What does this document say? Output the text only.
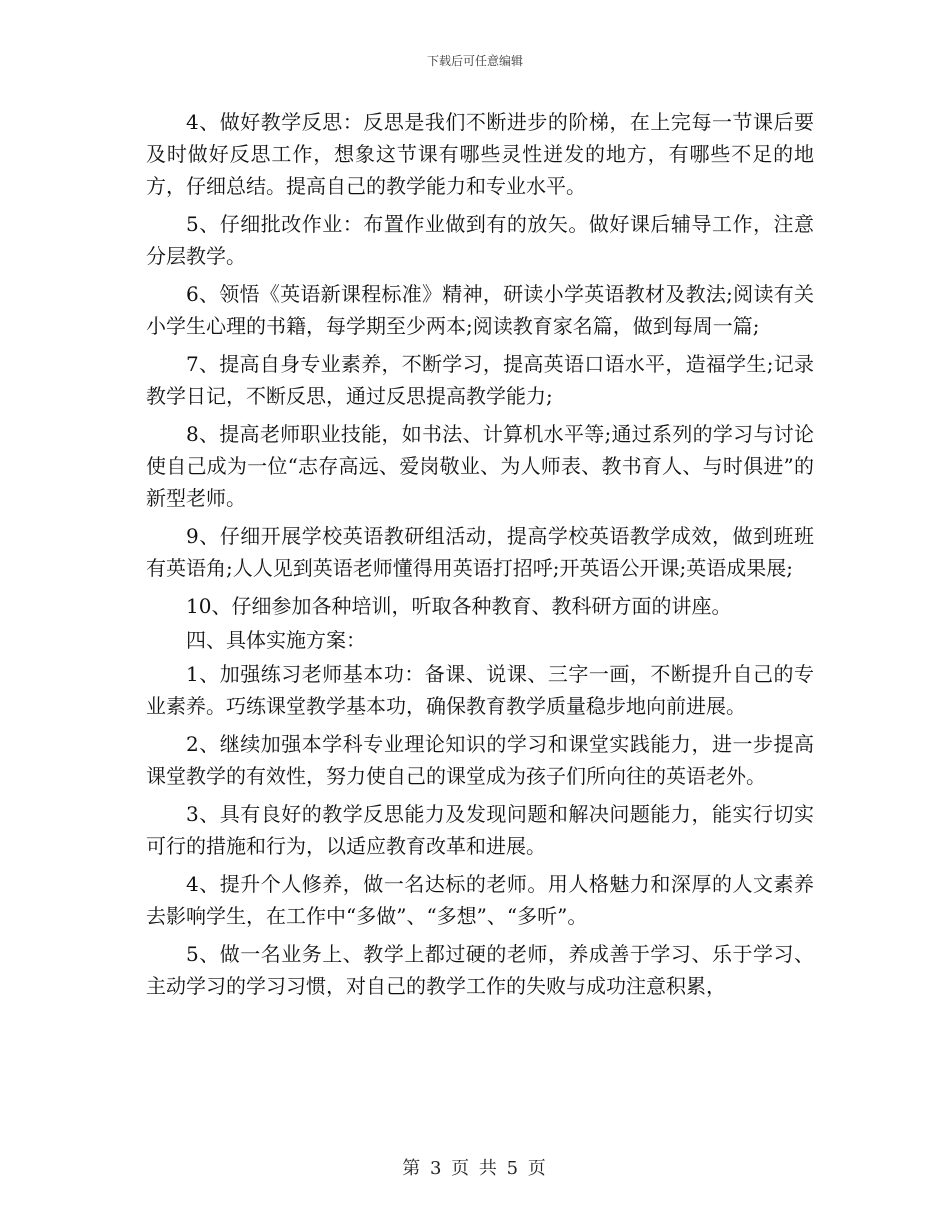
下载后可任意编辑

4、做好教学反思：反思是我们不断进步的阶梯，在上完每一节课后要及时做好反思工作，想象这节课有哪些灵性迸发的地方，有哪些不足的地方，仔细总结。提高自己的教学能力和专业水平。

5、仔细批改作业：布置作业做到有的放矢。做好课后辅导工作，注意分层教学。

6、领悟《英语新课程标准》精神，研读小学英语教材及教法;阅读有关小学生心理的书籍，每学期至少两本;阅读教育家名篇，做到每周一篇;

7、提高自身专业素养，不断学习，提高英语口语水平，造福学生;记录教学日记，不断反思，通过反思提高教学能力;

8、提高老师职业技能，如书法、计算机水平等;通过系列的学习与讨论使自己成为一位“志存高远、爱岗敬业、为人师表、教书育人、与时俱进”的新型老师。

9、仔细开展学校英语教研组活动，提高学校英语教学成效，做到班班有英语角;人人见到英语老师懂得用英语打招呼;开英语公开课;英语成果展;

10、仔细参加各种培训，听取各种教育、教科研方面的讲座。

四、具体实施方案：

1、加强练习老师基本功：备课、说课、三字一画，不断提升自己的专业素养。巧练课堂教学基本功，确保教育教学质量稳步地向前进展。

2、继续加强本学科专业理论知识的学习和课堂实践能力，进一步提高课堂教学的有效性，努力使自己的课堂成为孩子们所向往的英语老外。

3、具有良好的教学反思能力及发现问题和解决问题能力，能实行切实可行的措施和行为，以适应教育改革和进展。

4、提升个人修养，做一名达标的老师。用人格魅力和深厚的人文素养去影响学生，在工作中“多做”、“多想”、“多听”。

5、做一名业务上、教学上都过硬的老师，养成善于学习、乐于学习、主动学习的学习习惯，对自己的教学工作的失败与成功注意积累，

第 3 页 共 5 页
